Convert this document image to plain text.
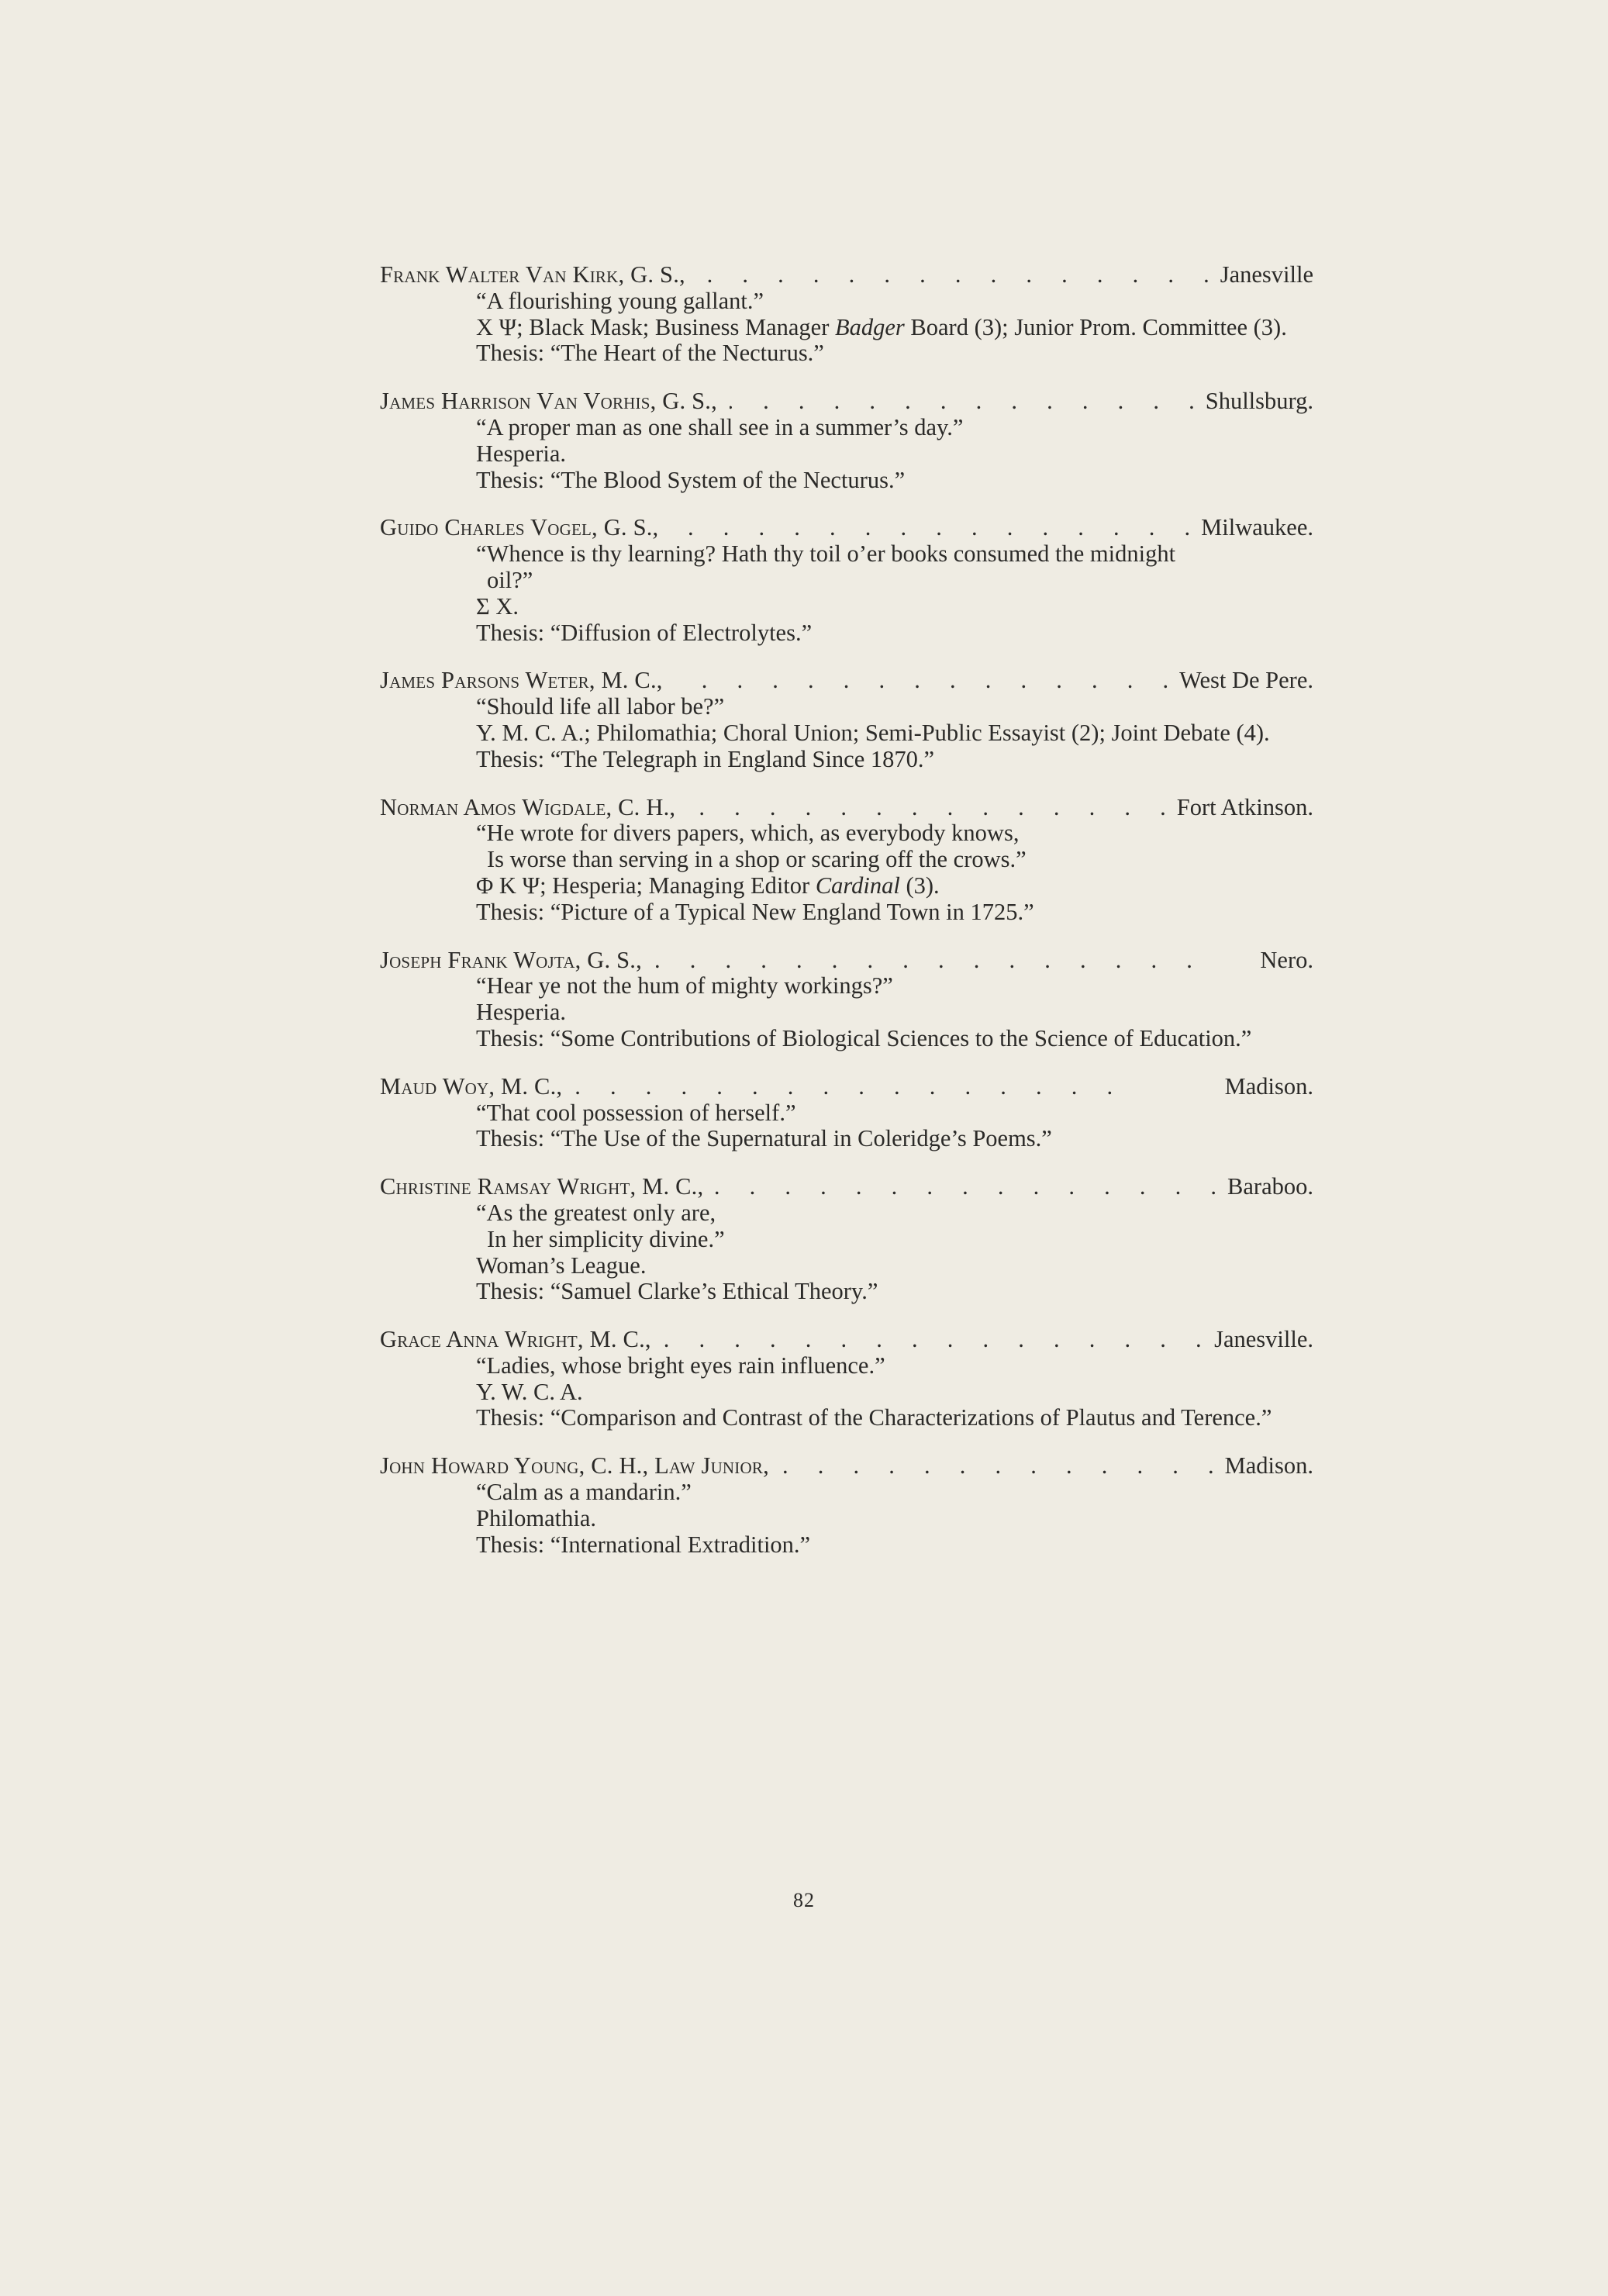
Frank Walter Van Kirk, G. S., .	Janesville
“A flourishing young gallant.”
X Ψ; Black Mask; Business Manager Badger Board (3); Junior Prom. Committee (3).
Thesis: “The Heart of the Necturus.”
James Harrison Van Vorhis, G. S., .	Shullsburg.
“A proper man as one shall see in a summer’s day.”
Hesperia.
Thesis: “The Blood System of the Necturus.”
Guido Charles Vogel, G. S., .	Milwaukee.
“Whence is thy learning? Hath thy toil o’er books consumed the midnight
oil?”
Σ X.
Thesis: “Diffusion of Electrolytes.”
James Parsons Weter, M. C., .	West De Pere.
“Should life all labor be?”
Y. M. C. A.; Philomathia; Choral Union; Semi-Public Essayist (2); Joint Debate (4).
Thesis: “The Telegraph in England Since 1870.”
Norman Amos Wigdale, C. H., .	Fort Atkinson.
“He wrote for divers papers, which, as everybody knows,
Is worse than serving in a shop or scaring off the crows.”
Φ K Ψ; Hesperia; Managing Editor Cardinal (3).
Thesis: “Picture of a Typical New England Town in 1725.”
Joseph Frank Wojta, G. S., .	Nero.
“Hear ye not the hum of mighty workings?”
Hesperia.
Thesis: “Some Contributions of Biological Sciences to the Science of Education.”
Maud Woy, M. C., .	Madison.
“That cool possession of herself.”
Thesis: “The Use of the Supernatural in Coleridge’s Poems.”
Christine Ramsay Wright, M. C., .	Baraboo.
“As the greatest only are,
In her simplicity divine.”
Woman’s League.
Thesis: “Samuel Clarke’s Ethical Theory.”
Grace Anna Wright, M. C., .	Janesville.
“Ladies, whose bright eyes rain influence.”
Y. W. C. A.
Thesis: “Comparison and Contrast of the Characterizations of Plautus and Terence.”
John Howard Young, C. H., Law Junior, .	Madison.
“Calm as a mandarin.”
Philomathia.
Thesis: “International Extradition.”
82
